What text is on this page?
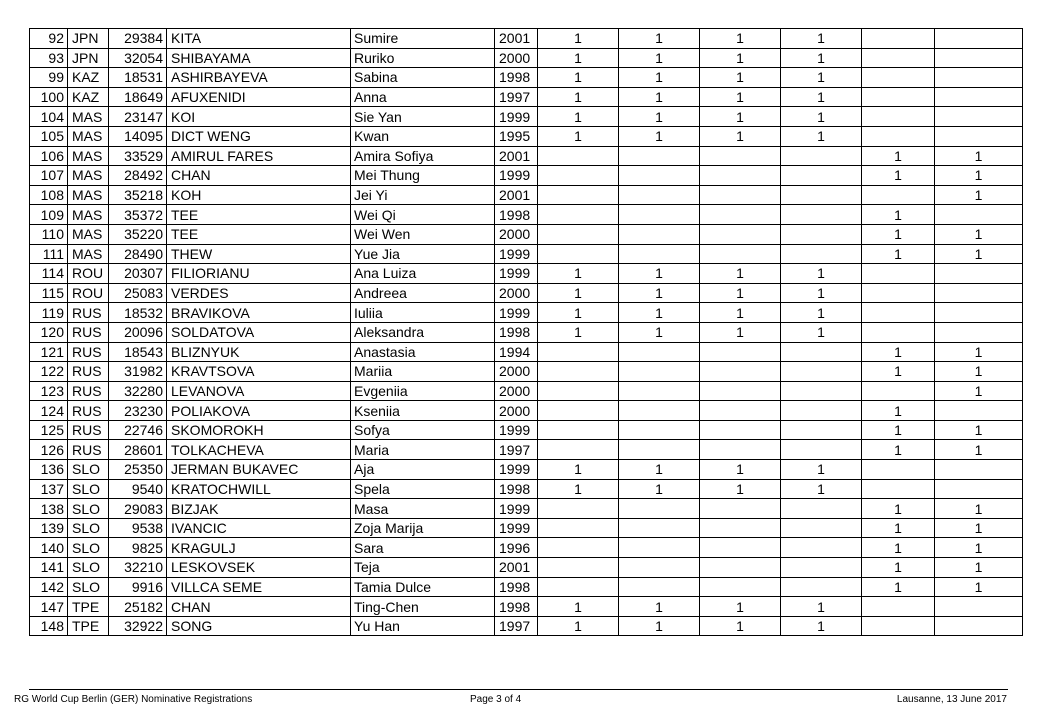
92	JPN	29384	KITA	Sumire	2001	1	1	1	1		
93	JPN	32054	SHIBAYAMA	Ruriko	2000	1	1	1	1		
99	KAZ	18531	ASHIRBAYEVA	Sabina	1998	1	1	1	1		
100	KAZ	18649	AFUXENIDI	Anna	1997	1	1	1	1		
104	MAS	23147	KOI	Sie Yan	1999	1	1	1	1		
105	MAS	14095	DICT WENG	Kwan	1995	1	1	1	1		
106	MAS	33529	AMIRUL FARES	Amira Sofiya	2001					1	1
107	MAS	28492	CHAN	Mei Thung	1999					1	1
108	MAS	35218	KOH	Jei Yi	2001						1
109	MAS	35372	TEE	Wei Qi	1998					1	
110	MAS	35220	TEE	Wei Wen	2000					1	1
111	MAS	28490	THEW	Yue Jia	1999					1	1
114	ROU	20307	FILIORIANU	Ana Luiza	1999	1	1	1	1		
115	ROU	25083	VERDES	Andreea	2000	1	1	1	1		
119	RUS	18532	BRAVIKOVA	Iuliia	1999	1	1	1	1		
120	RUS	20096	SOLDATOVA	Aleksandra	1998	1	1	1	1		
121	RUS	18543	BLIZNYUK	Anastasia	1994					1	1
122	RUS	31982	KRAVTSOVA	Mariia	2000					1	1
123	RUS	32280	LEVANOVA	Evgeniia	2000						1
124	RUS	23230	POLIAKOVA	Kseniia	2000					1	
125	RUS	22746	SKOMOROKH	Sofya	1999					1	1
126	RUS	28601	TOLKACHEVA	Maria	1997					1	1
136	SLO	25350	JERMAN BUKAVEC	Aja	1999	1	1	1	1		
137	SLO	9540	KRATOCHWILL	Spela	1998	1	1	1	1		
138	SLO	29083	BIZJAK	Masa	1999					1	1
139	SLO	9538	IVANCIC	Zoja Marija	1999					1	1
140	SLO	9825	KRAGULJ	Sara	1996					1	1
141	SLO	32210	LESKOVSEK	Teja	2001					1	1
142	SLO	9916	VILLCA SEME	Tamia Dulce	1998					1	1
147	TPE	25182	CHAN	Ting-Chen	1998	1	1	1	1		
148	TPE	32922	SONG	Yu Han	1997	1	1	1	1		
RG World Cup Berlin (GER) Nominative Registrations	Page 3 of 4	Lausanne, 13 June 2017
